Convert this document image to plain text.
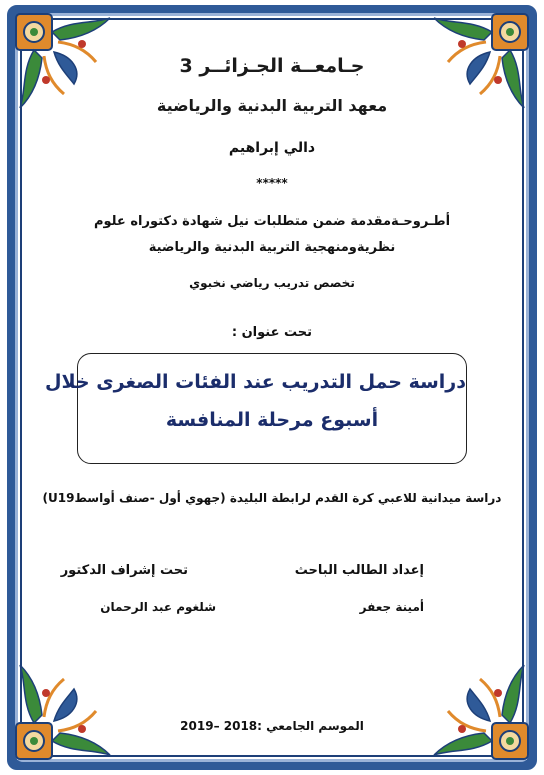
جـامعــة الجـزائــر 3
معهد التربية البدنية والرياضية
دالي إبراهيم
*****
أطـروحـةمقدمة ضمن متطلبات نيل شهادة دكتوراه علوم
نظريةومنهجية التربية البدنية والرياضية
تخصص تدريب رياضي نخبوي
تحت عنوان :
دراسة حمل التدريب عند الفئات الصغرى خلال
أسبوع مرحلة المنافسة
دراسة ميدانية للاعبي كرة القدم لرابطة البليدة (جهوي أول -صنف أواسطU19)
إعداد الطالب الباحث
تحت إشراف الدكتور
أمينة جعفر
شلغوم عبد الرحمان
الموسم الجامعي :2018 –2019
